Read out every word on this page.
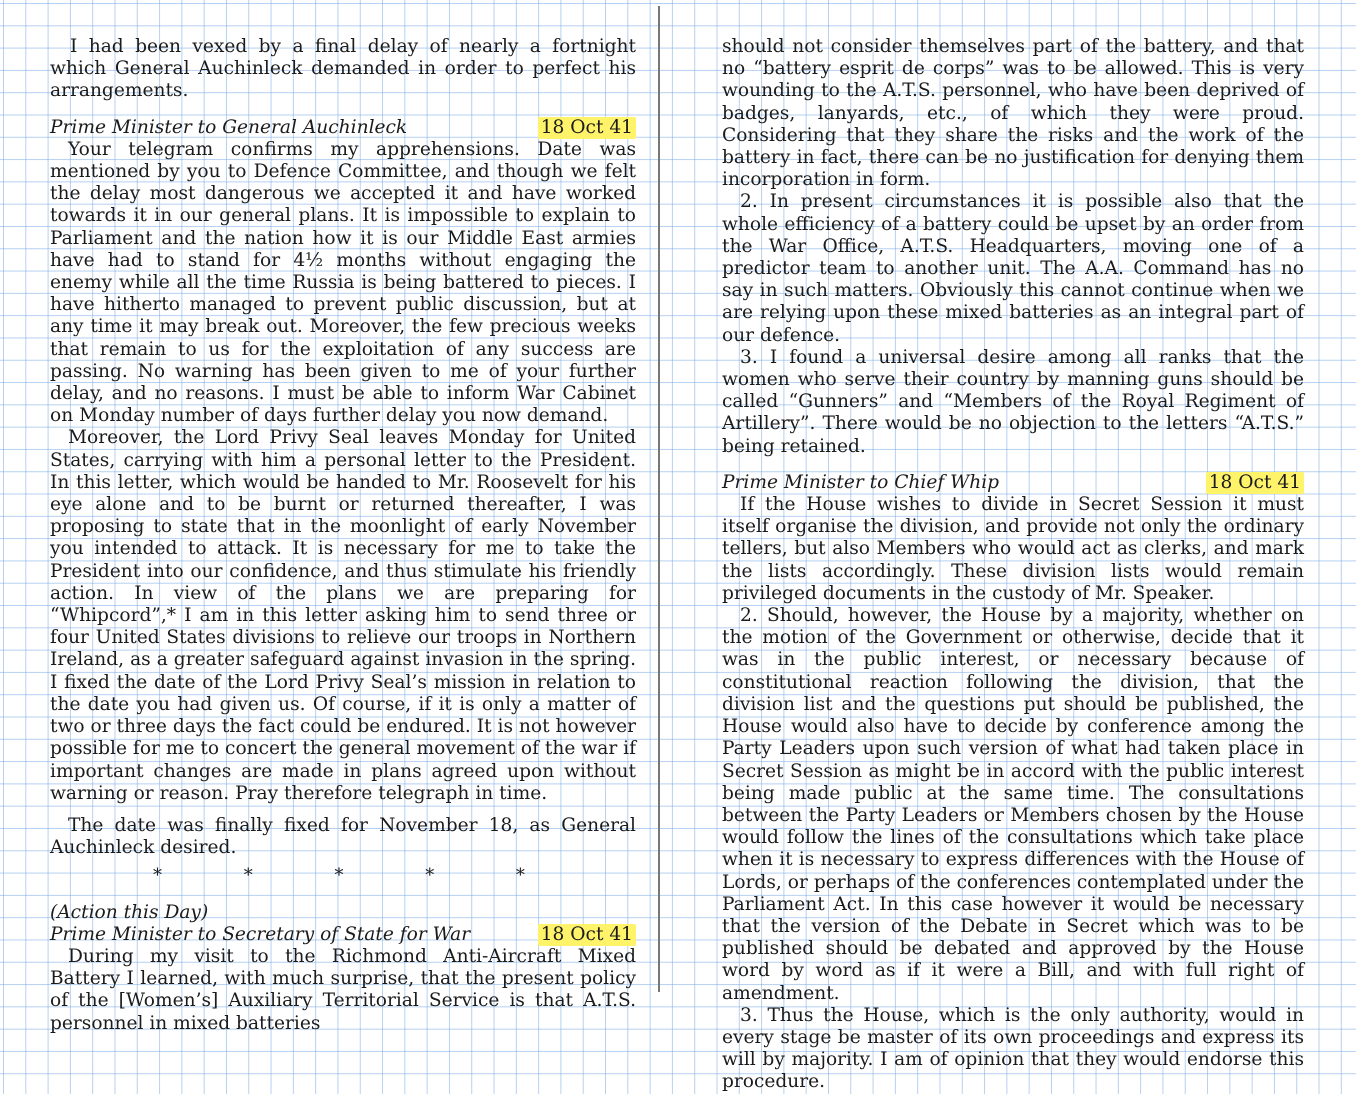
I had been vexed by a final delay of nearly a fortnight which General Auchinleck demanded in order to perfect his arrangements.

Prime Minister to General Auchinleck	18 Oct 41

Your telegram confirms my apprehensions. Date was mentioned by you to Defence Committee, and though we felt the delay most dangerous we accepted it and have worked towards it in our general plans. It is impossible to explain to Parliament and the nation how it is our Middle East armies have had to stand for 4½ months without engaging the enemy while all the time Russia is being battered to pieces. I have hitherto managed to prevent public discussion, but at any time it may break out. Moreover, the few precious weeks that remain to us for the exploitation of any success are passing. No warning has been given to me of your further delay, and no reasons. I must be able to inform War Cabinet on Monday number of days further delay you now demand.

Moreover, the Lord Privy Seal leaves Monday for United States, carrying with him a personal letter to the President. In this letter, which would be handed to Mr. Roosevelt for his eye alone and to be burnt or returned thereafter, I was proposing to state that in the moonlight of early November you intended to attack. It is necessary for me to take the President into our confidence, and thus stimulate his friendly action. In view of the plans we are preparing for “Whipcord”,* I am in this letter asking him to send three or four United States divisions to relieve our troops in Northern Ireland, as a greater safeguard against invasion in the spring. I fixed the date of the Lord Privy Seal’s mission in relation to the date you had given us. Of course, if it is only a matter of two or three days the fact could be endured. It is not however possible for me to concert the general movement of the war if important changes are made in plans agreed upon without warning or reason. Pray therefore telegraph in time.

The date was finally fixed for November 18, as General Auchinleck desired.

* * * * *
(Action this Day)
Prime Minister to Secretary of State for War	18 Oct 41

During my visit to the Richmond Anti-Aircraft Mixed Battery I learned, with much surprise, that the present policy of the [Women’s] Auxiliary Territorial Service is that A.T.S. personnel in mixed batteries

should not consider themselves part of the battery, and that no “battery esprit de corps” was to be allowed. This is very wounding to the A.T.S. personnel, who have been deprived of badges, lanyards, etc., of which they were proud. Considering that they share the risks and the work of the battery in fact, there can be no justification for denying them incorporation in form.

2. In present circumstances it is possible also that the whole efficiency of a battery could be upset by an order from the War Office, A.T.S. Headquarters, moving one of a predictor team to another unit. The A.A. Command has no say in such matters. Obviously this cannot continue when we are relying upon these mixed batteries as an integral part of our defence.

3. I found a universal desire among all ranks that the women who serve their country by manning guns should be called “Gunners” and “Members of the Royal Regiment of Artillery”. There would be no objection to the letters “A.T.S.” being retained.

Prime Minister to Chief Whip	18 Oct 41

If the House wishes to divide in Secret Session it must itself organise the division, and provide not only the ordinary tellers, but also Members who would act as clerks, and mark the lists accordingly. These division lists would remain privileged documents in the custody of Mr. Speaker.

2. Should, however, the House by a majority, whether on the motion of the Government or otherwise, decide that it was in the public interest, or necessary because of constitutional reaction following the division, that the division list and the questions put should be published, the House would also have to decide by conference among the Party Leaders upon such version of what had taken place in Secret Session as might be in accord with the public interest being made public at the same time. The consultations between the Party Leaders or Members chosen by the House would follow the lines of the consultations which take place when it is necessary to express differences with the House of Lords, or perhaps of the conferences contemplated under the Parliament Act. In this case however it would be necessary that the version of the Debate in Secret which was to be published should be debated and approved by the House word by word as if it were a Bill, and with full right of amendment.

3. Thus the House, which is the only authority, would in every stage be master of its own proceedings and express its will by majority. I am of opinion that they would endorse this procedure.
